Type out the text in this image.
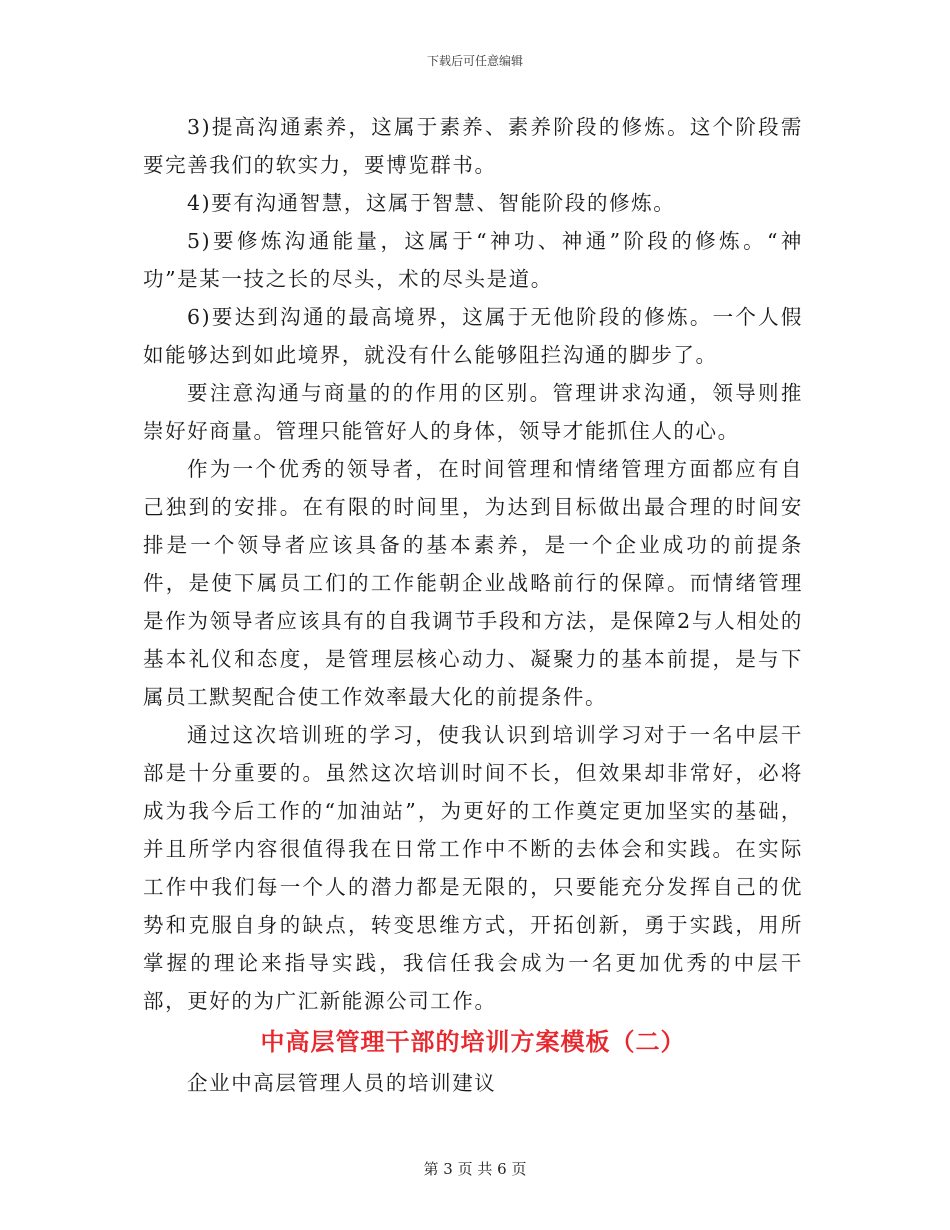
下载后可任意编辑

3)提高沟通素养，这属于素养、素养阶段的修炼。这个阶段需要完善我们的软实力，要博览群书。

4)要有沟通智慧，这属于智慧、智能阶段的修炼。

5)要修炼沟通能量，这属于“神功、神通”阶段的修炼。“神功”是某一技之长的尽头，术的尽头是道。

6)要达到沟通的最高境界，这属于无他阶段的修炼。一个人假如能够达到如此境界，就没有什么能够阻拦沟通的脚步了。

要注意沟通与商量的的作用的区别。管理讲求沟通，领导则推崇好好商量。管理只能管好人的身体，领导才能抓住人的心。

作为一个优秀的领导者，在时间管理和情绪管理方面都应有自己独到的安排。在有限的时间里，为达到目标做出最合理的时间安排是一个领导者应该具备的基本素养，是一个企业成功的前提条件，是使下属员工们的工作能朝企业战略前行的保障。而情绪管理是作为领导者应该具有的自我调节手段和方法，是保障2与人相处的基本礼仪和态度，是管理层核心动力、凝聚力的基本前提，是与下属员工默契配合使工作效率最大化的前提条件。

通过这次培训班的学习，使我认识到培训学习对于一名中层干部是十分重要的。虽然这次培训时间不长，但效果却非常好，必将成为我今后工作的“加油站”，为更好的工作奠定更加坚实的基础，并且所学内容很值得我在日常工作中不断的去体会和实践。在实际工作中我们每一个人的潜力都是无限的，只要能充分发挥自己的优势和克服自身的缺点，转变思维方式，开拓创新，勇于实践，用所掌握的理论来指导实践，我信任我会成为一名更加优秀的中层干部，更好的为广汇新能源公司工作。

中高层管理干部的培训方案模板（二）

企业中高层管理人员的培训建议

第 3 页 共 6 页
